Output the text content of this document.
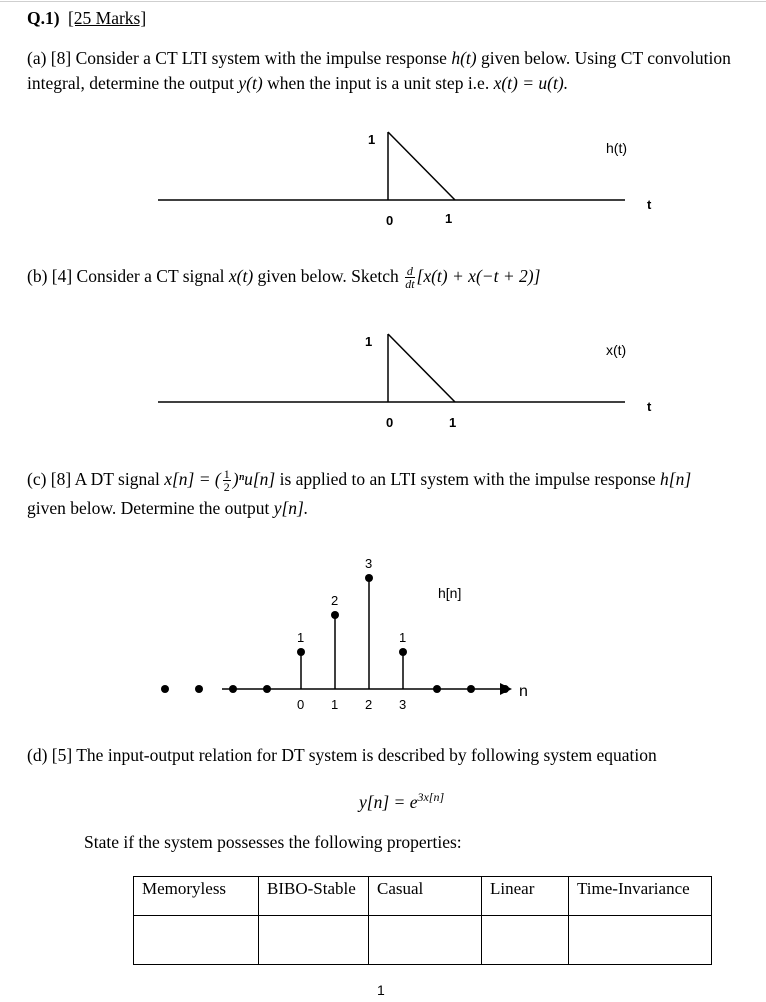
Q.1) [25 Marks]
(a) [8] Consider a CT LTI system with the impulse response h(t) given below. Using CT convolution
integral, determine the output y(t) when the input is a unit step i.e. x(t) = u(t).
1
0	1
h(t)
t
(b) [4] Consider a CT signal x(t) given below. Sketch $\frac{d}{dt} [x(t) + x(-t + 2)]$
1
0	1
x(t)
t
(c) [8] A DT signal x[n] = ( $\frac{1}{2} )^nu[n]$ is applied to an LTI system with the impulse response h[n]
given below. Determine the output y[n].
n
h[n]
1
0
2
1
3
2
1
3
(d) [5] The input-output relation for DT system is described by following system equation
$y[n] = e^{3x[n]}$
State if the system possesses the following properties:
Memoryless	BIBO-Stable	Casual	Linear	Time-Invariance

1
